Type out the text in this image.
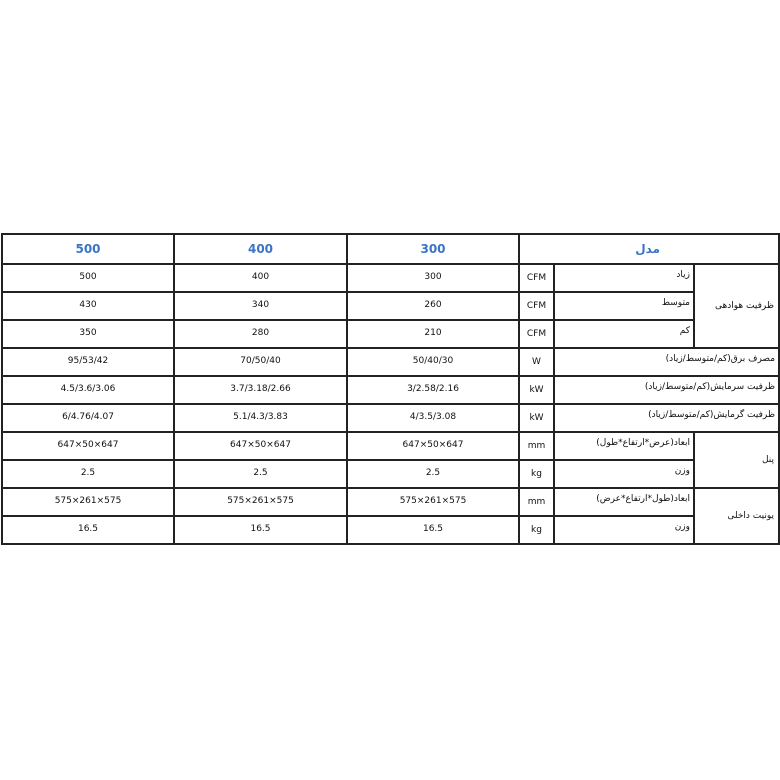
500	400	300	مدل		
500	400	300	CFM	زیاد	ظرفیت هوادهی
430	340	260	CFM	متوسط	
350	280	210	CFM	کم	
95/53/42	70/50/40	50/40/30	W	مصرف برق(کم/متوسط/زیاد)	
4.5/3.6/3.06	3.7/3.18/2.66	3/2.58/2.16	kW	ظرفیت سرمایش(کم/متوسط/زیاد)	
6/4.76/4.07	5.1/4.3/3.83	4/3.5/3.08	kW	ظرفیت گرمایش(کم/متوسط/زیاد)	
647×50×647	647×50×647	647×50×647	mm	ابعاد(عرض*ارتفاع*طول)	پنل
2.5	2.5	2.5	kg	وزن	
575×261×575	575×261×575	575×261×575	mm	ابعاد(طول*ارتفاع*عرض)	یونیت داخلی
16.5	16.5	16.5	kg	وزن	
